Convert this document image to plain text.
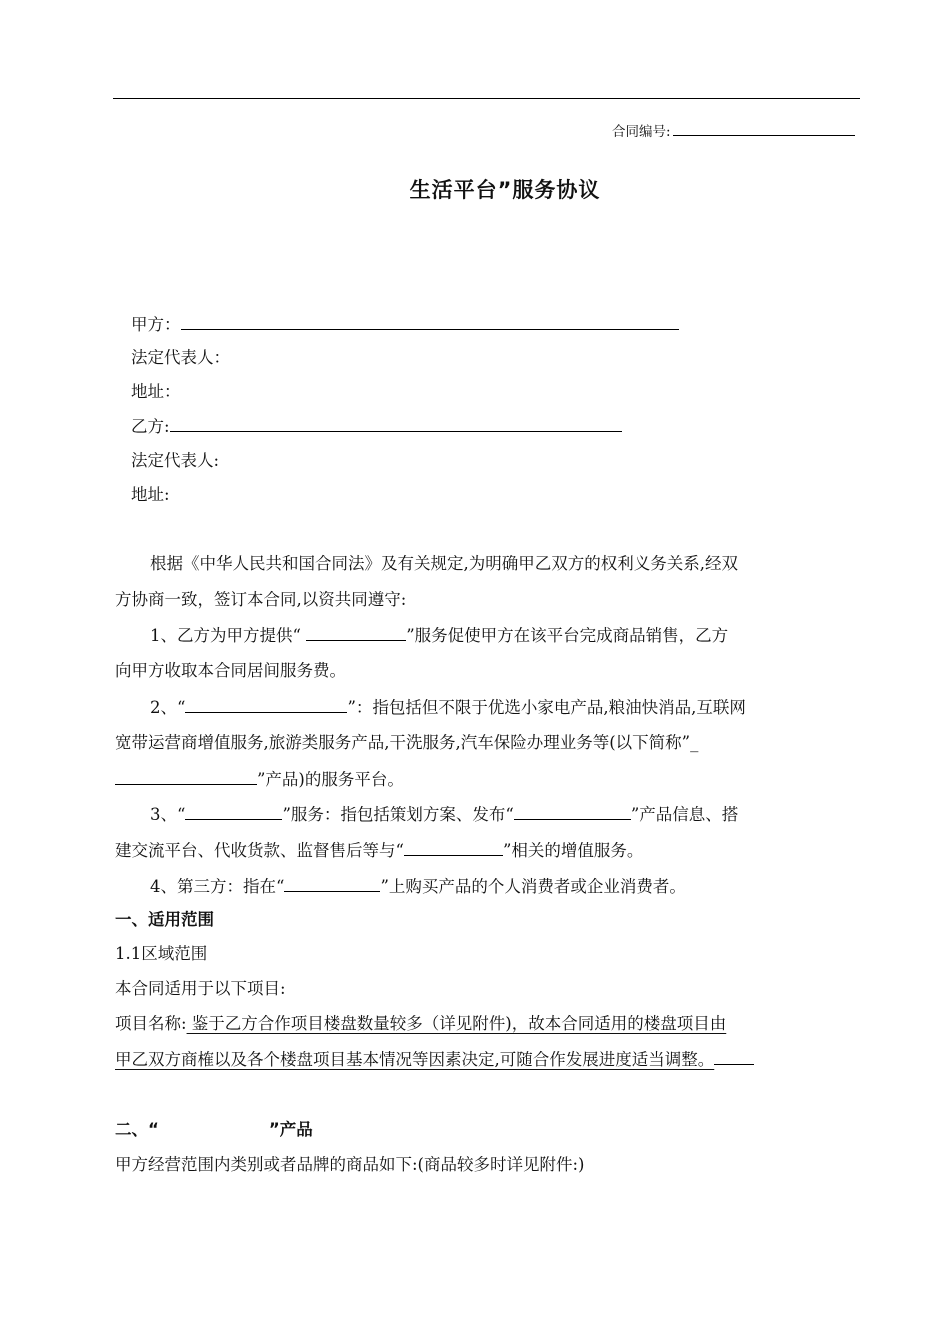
合同编号:
生活平台”服务协议
甲方：
法定代表人：
地址：
乙方:
法定代表人:
地址:
根据《中华人民共和国合同法》及有关规定,为明确甲乙双方的权利义务关系,经双
方协商一致，签订本合同,以资共同遵守:
1、乙方为甲方提供“	”服务促使甲方在该平台完成商品销售，乙方
向甲方收取本合同居间服务费。
2、“	”：指包括但不限于优选小家电产品,粮油快消品,互联网
宽带运营商增值服务,旅游类服务产品,干洗服务,汽车保险办理业务等(以下简称”_
”产品)的服务平台。
3、“	”服务：指包括策划方案、发布“	”产品信息、搭
建交流平台、代收货款、监督售后等与“	”相关的增值服务。
4、第三方：指在“	”上购买产品的个人消费者或企业消费者。
一、适用范围
1.1区域范围
本合同适用于以下项目:
项目名称: 鉴于乙方合作项目楼盘数量较多（详见附件)，故本合同适用的楼盘项目由
甲乙双方商榷以及各个楼盘项目基本情况等因素决定,可随合作发展进度适当调整。
二、“	”产品
甲方经营范围内类别或者品牌的商品如下:(商品较多时详见附件:)
